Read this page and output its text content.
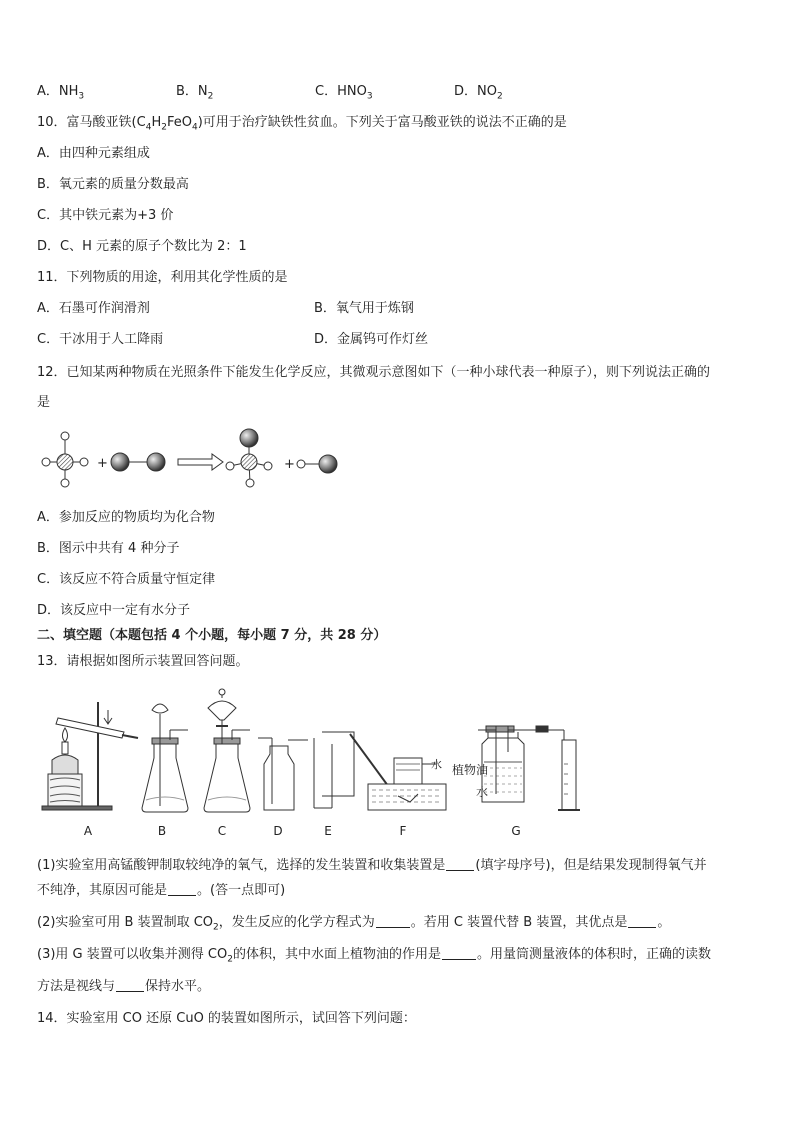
A．$NH_3$	B．$N_2$	C．$HNO_3$	D．$NO_2$
10．富马酸亚铁$(C_4H_2FeO_4)$可用于治疗缺铁性贫血。下列关于富马酸亚铁的说法不正确的是
A．由四种元素组成
B．氧元素的质量分数最高
C．其中铁元素为+3 价
D．C、H 元素的原子个数比为 2：1
11．下列物质的用途，利用其化学性质的是
A．石墨可作润滑剂	B．氧气用于炼钢
C．干冰用于人工降雨	D．金属钨可作灯丝
12．已知某两种物质在光照条件下能发生化学反应，其微观示意图如下（一种小球代表一种原子），则下列说法正确的
是
+	+
A．参加反应的物质均为化合物
B．图示中共有 4 种分子
C．该反应不符合质量守恒定律
D．该反应中一定有水分子
二、填空题（本题包括 4 个小题，每小题 7 分，共 28 分）
13．请根据如图所示装置回答问题。
水 植物油
水
A	B	C	D	E	F	G
(1)实验室用高锰酸钾制取较纯净的氧气，选择的发生装置和收集装置是 (填字母序号)，但是结果发现制得氧气并
不纯净，其原因可能是 。(答一点即可)
(2)实验室可用 B 装置制取 $CO_2$，发生反应的化学方程式为	。若用 C 装置代替 B 装置，其优点是 。
(3)用 G 装置可以收集并测得 $CO_2$的体积，其中水面上植物油的作用是	。用量筒测量液体的体积时，正确的读数
方法是视线与 保持水平。
14．实验室用 CO 还原 CuO 的装置如图所示，试回答下列问题：
